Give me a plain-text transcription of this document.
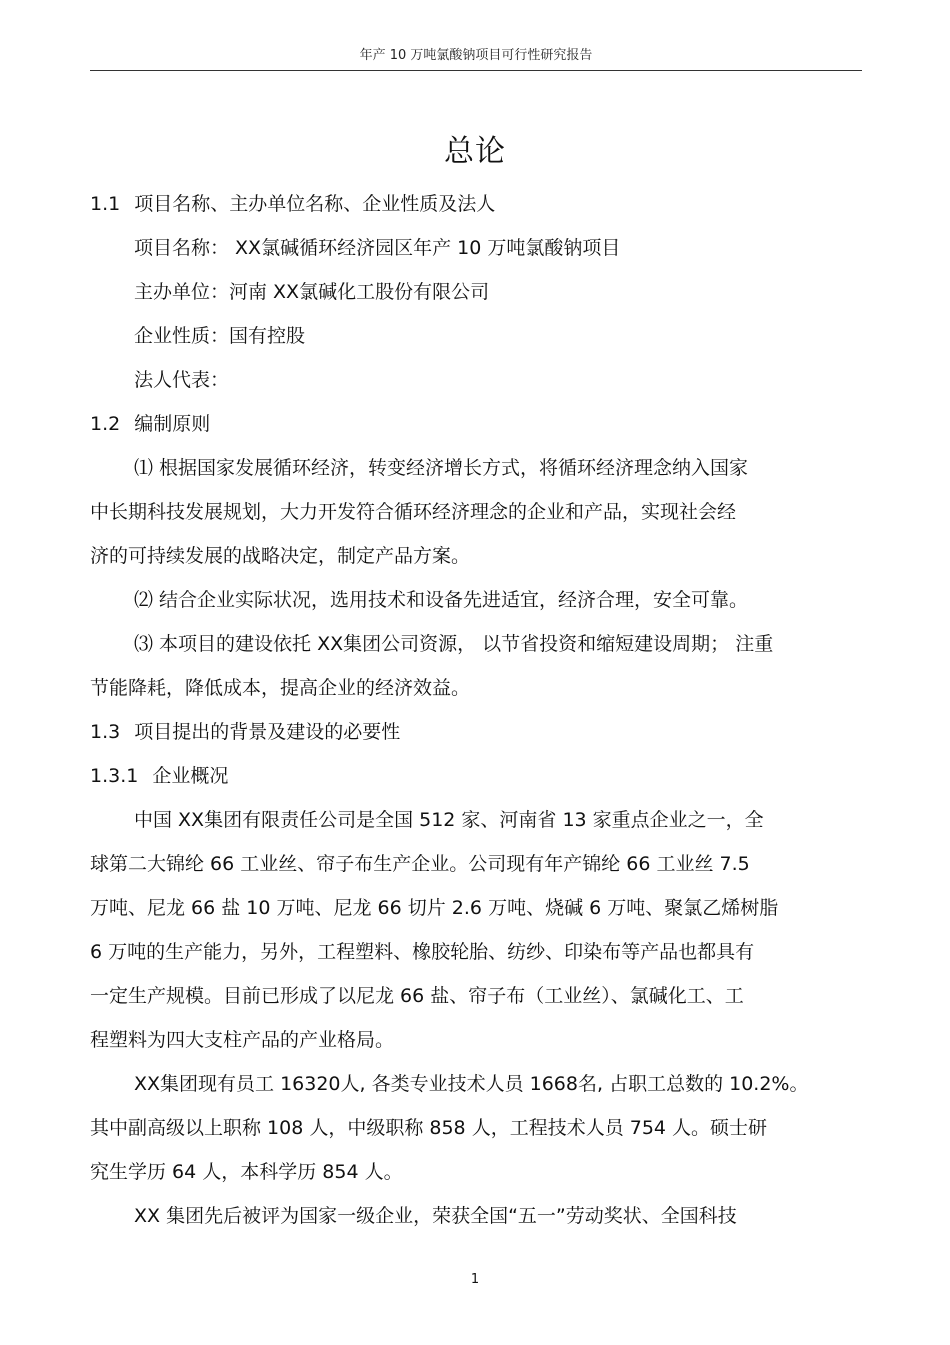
年产 10 万吨氯酸钠项目可行性研究报告
总论
1.1 项目名称、主办单位名称、企业性质及法人
项目名称： XX氯碱循环经济园区年产 10 万吨氯酸钠项目
主办单位：河南 XX氯碱化工股份有限公司
企业性质：国有控股
法人代表：
1.2 编制原则
⑴ 根据国家发展循环经济，转变经济增长方式，将循环经济理念纳入国家
中长期科技发展规划，大力开发符合循环经济理念的企业和产品，实现社会经
济的可持续发展的战略决定，制定产品方案。
⑵ 结合企业实际状况，选用技术和设备先进适宜，经济合理，安全可靠。
⑶ 本项目的建设依托 XX集团公司资源， 以节省投资和缩短建设周期； 注重
节能降耗，降低成本，提高企业的经济效益。
1.3 项目提出的背景及建设的必要性
1.3.1 企业概况
中国 XX集团有限责任公司是全国 512 家、河南省 13 家重点企业之一，全
球第二大锦纶 66 工业丝、帘子布生产企业。公司现有年产锦纶 66 工业丝 7.5
万吨、尼龙 66 盐 10 万吨、尼龙 66 切片 2.6 万吨、烧碱 6 万吨、聚氯乙烯树脂
6 万吨的生产能力，另外，工程塑料、橡胶轮胎、纺纱、印染布等产品也都具有
一定生产规模。目前已形成了以尼龙 66 盐、帘子布（工业丝）、氯碱化工、工
程塑料为四大支柱产品的产业格局。
XX集团现有员工 16320人, 各类专业技术人员 1668名, 占职工总数的 10.2%。
其中副高级以上职称 108 人，中级职称 858 人，工程技术人员 754 人。硕士研
究生学历 64 人，本科学历 854 人。
XX 集团先后被评为国家一级企业，荣获全国“五一”劳动奖状、全国科技
1
